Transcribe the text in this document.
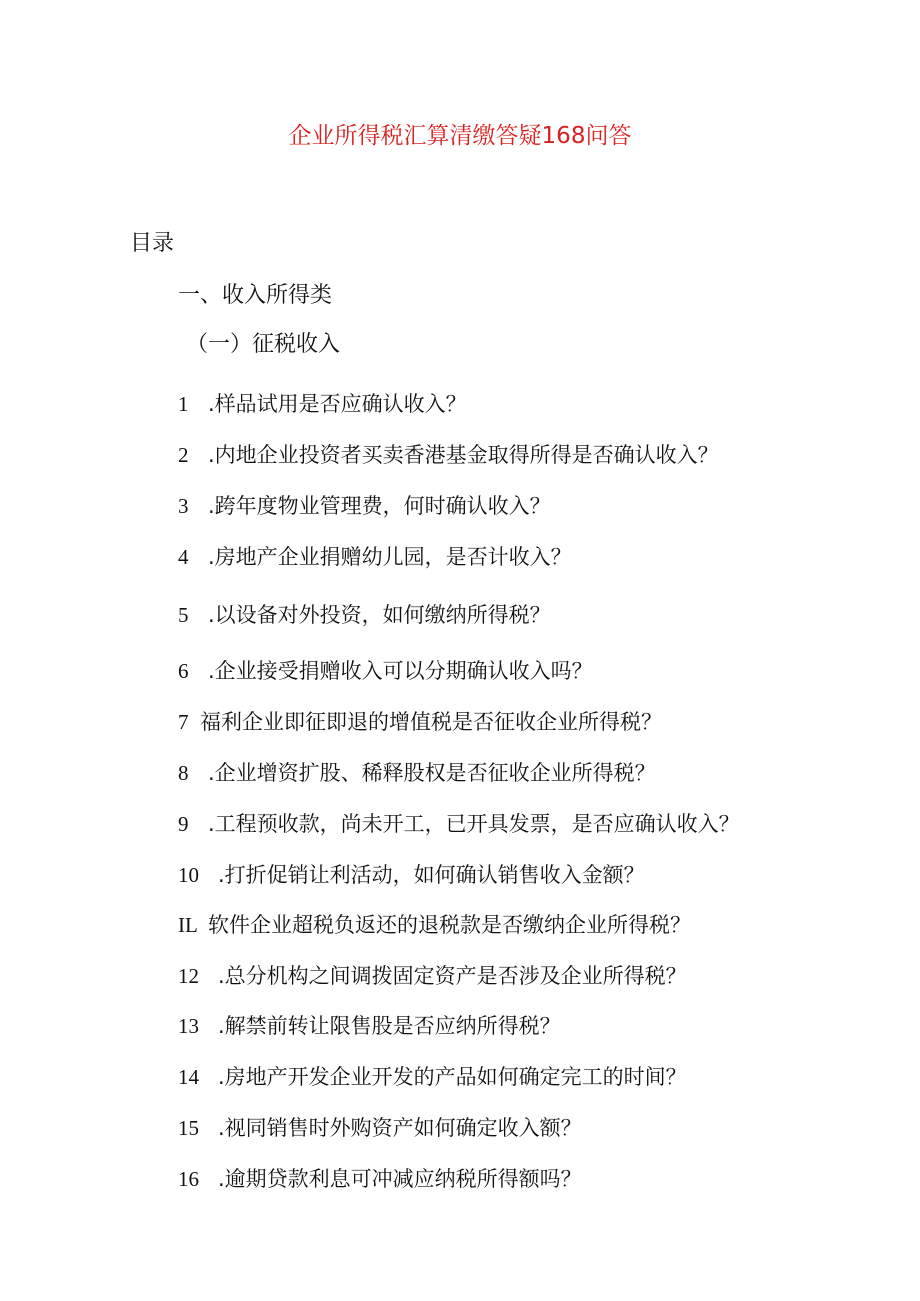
企业所得税汇算清缴答疑168问答
目录
一、收入所得类
（一）征税收入
1 .样品试用是否应确认收入？
2 .内地企业投资者买卖香港基金取得所得是否确认收入？
3 .跨年度物业管理费，何时确认收入？
4 .房地产企业捐赠幼儿园，是否计收入？
5 .以设备对外投资，如何缴纳所得税？
6 .企业接受捐赠收入可以分期确认收入吗？
7 福利企业即征即退的增值税是否征收企业所得税？
8 .企业增资扩股、稀释股权是否征收企业所得税？
9 .工程预收款，尚未开工，已开具发票，是否应确认收入？
10 .打折促销让利活动，如何确认销售收入金额？
IL 软件企业超税负返还的退税款是否缴纳企业所得税？
12 .总分机构之间调拨固定资产是否涉及企业所得税？
13 .解禁前转让限售股是否应纳所得税？
14 .房地产开发企业开发的产品如何确定完工的时间？
15 .视同销售时外购资产如何确定收入额？
16 .逾期贷款利息可冲减应纳税所得额吗？
